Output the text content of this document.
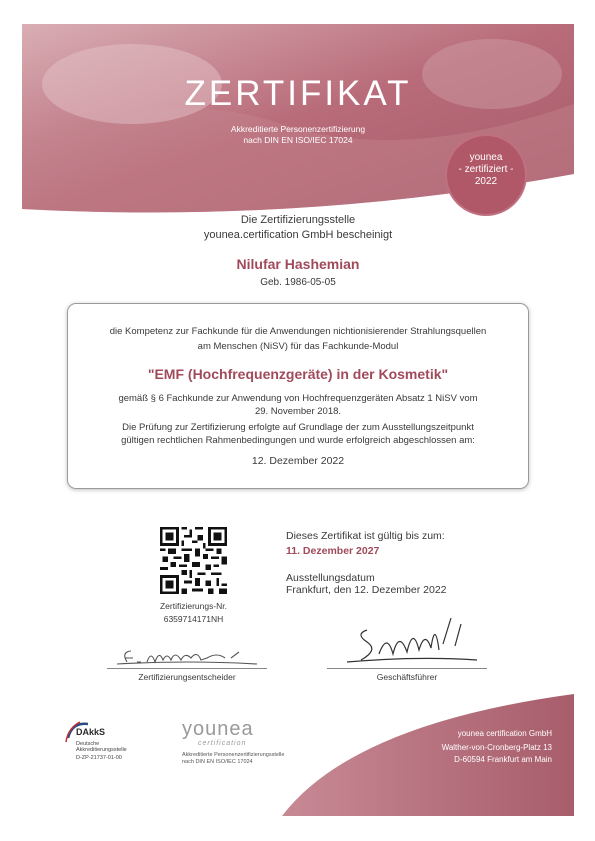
ZERTIFIKAT
Akkreditierte Personenzertifizierung
nach DIN EN ISO/IEC 17024
younea
- zertifiziert -
2022
Die Zertifizierungsstelle
younea.certification GmbH bescheinigt
Nilufar Hashemian
Geb. 1986-05-05
die Kompetenz zur Fachkunde für die Anwendungen nichtionisierender Strahlungsquellen
am Menschen (NiSV) für das Fachkunde-Modul
"EMF (Hochfrequenzgeräte) in der Kosmetik"
gemäß § 6 Fachkunde zur Anwendung von Hochfrequenzgeräten Absatz 1 NiSV vom
29. November 2018.
Die Prüfung zur Zertifizierung erfolgte auf Grundlage der zum Ausstellungszeitpunkt
gültigen rechtlichen Rahmenbedingungen und wurde erfolgreich abgeschlossen am:
12. Dezember 2022
Zertifizierungs-Nr.
6359714171NH
Dieses Zertifikat ist gültig bis zum:
11. Dezember 2027
Ausstellungsdatum
Frankfurt, den 12. Dezember 2022
Zertifizierungsentscheider	Geschäftsführer
DAkkS
Deutsche
Akkreditierungsstelle
D-ZP-21737-01-00
younea
certification
Akkreditierte Personenzertifizierungsstelle
nach DIN EN ISO/IEC 17024
younea certification GmbH
Walther-von-Cronberg-Platz 13
D-60594 Frankfurt am Main
